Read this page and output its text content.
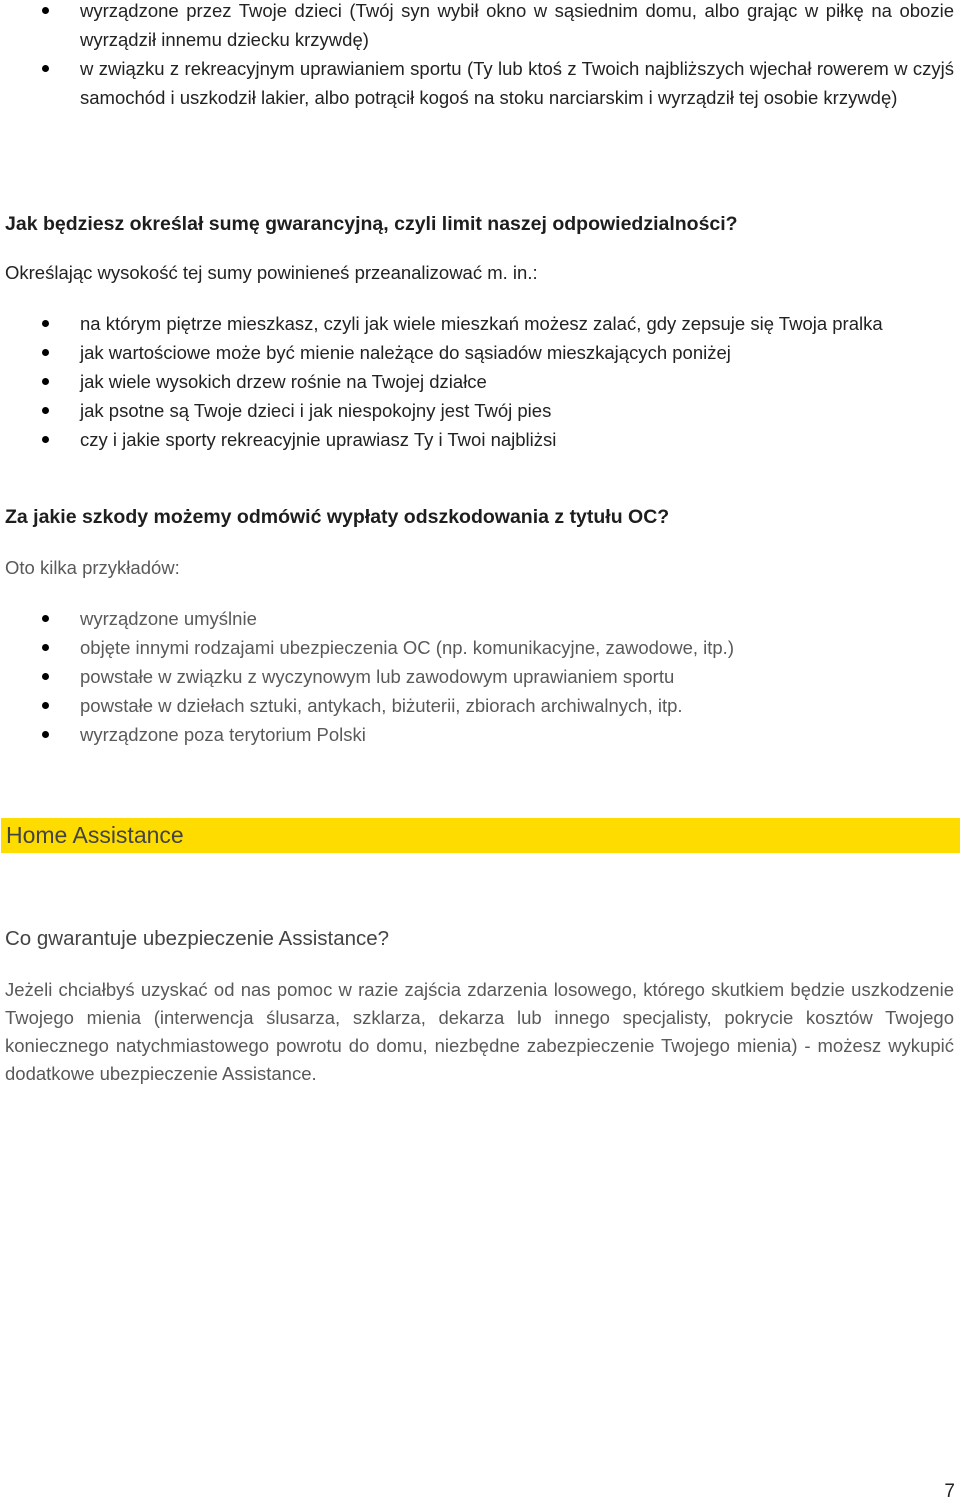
wyrządzone przez Twoje dzieci (Twój syn wybił okno w sąsiednim domu, albo grając w piłkę na obozie wyrządził innemu dziecku krzywdę)
w związku z rekreacyjnym uprawianiem sportu (Ty lub ktoś z Twoich najbliższych wjechał rowerem w czyjś samochód i uszkodził lakier, albo potrącił kogoś na stoku narciarskim i wyrządził tej osobie krzywdę)

Jak będziesz określał sumę gwarancyjną, czyli limit naszej odpowiedzialności?

Określając wysokość tej sumy powinieneś przeanalizować m. in.:

na którym piętrze mieszkasz, czyli jak wiele mieszkań możesz zalać, gdy zepsuje się Twoja pralka
jak wartościowe może być mienie należące do sąsiadów mieszkających poniżej
jak wiele wysokich drzew rośnie na Twojej działce
jak psotne są Twoje dzieci i jak niespokojny jest Twój pies
czy i jakie sporty rekreacyjnie uprawiasz Ty i Twoi najbliżsi

Za jakie szkody możemy odmówić wypłaty odszkodowania z tytułu OC?

Oto kilka przykładów:

wyrządzone umyślnie
objęte innymi rodzajami ubezpieczenia OC (np. komunikacyjne, zawodowe, itp.)
powstałe w związku z wyczynowym lub zawodowym uprawianiem sportu
powstałe w dziełach sztuki, antykach, biżuterii, zbiorach archiwalnych, itp.
wyrządzone poza terytorium Polski
Home Assistance

Co gwarantuje ubezpieczenie Assistance?

Jeżeli chciałbyś uzyskać od nas pomoc w razie zajścia zdarzenia losowego, którego skutkiem będzie uszkodzenie Twojego mienia (interwencja ślusarza, szklarza, dekarza lub innego specjalisty, pokrycie kosztów Twojego koniecznego natychmiastowego powrotu do domu, niezbędne zabezpieczenie Twojego mienia) - możesz wykupić dodatkowe ubezpieczenie Assistance.

7
